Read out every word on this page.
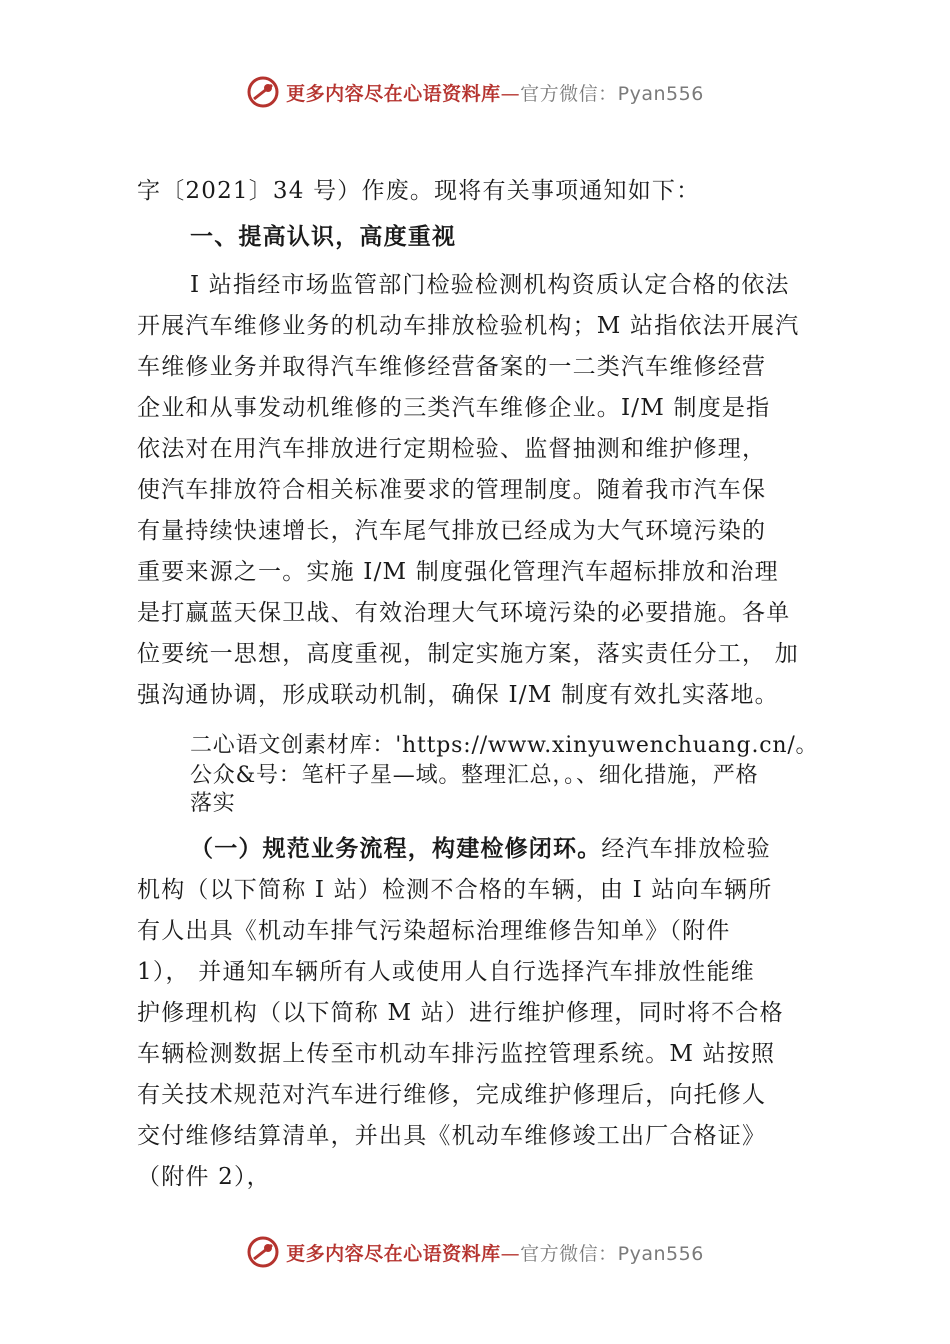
更多内容尽在心语资料库—官方微信：Pyan556
字〔2021〕34 号）作废。现将有关事项通知如下：
一、提高认识，高度重视
I 站指经市场监管部门检验检测机构资质认定合格的依法
开展汽车维修业务的机动车排放检验机构；M 站指依法开展汽
车维修业务并取得汽车维修经营备案的一二类汽车维修经营
企业和从事发动机维修的三类汽车维修企业。I/M 制度是指
依法对在用汽车排放进行定期检验、监督抽测和维护修理，
使汽车排放符合相关标准要求的管理制度。随着我市汽车保
有量持续快速增长，汽车尾气排放已经成为大气环境污染的
重要来源之一。实施 I/M 制度强化管理汽车超标排放和治理
是打赢蓝天保卫战、有效治理大气环境污染的必要措施。各单
位要统一思想，高度重视，制定实施方案，落实责任分工， 加
强沟通协调，形成联动机制，确保 I/M 制度有效扎实落地。
二心语文创素材库：'https://www.xinyuwenchuang.cn/。
公众&号：笔杆子星—域。整理汇总，。、细化措施，严格
落实
（一）规范业务流程，构建检修闭环。经汽车排放检验
机构（以下简称 I 站）检测不合格的车辆，由 I 站向车辆所
有人出具《机动车排气污染超标治理维修告知单》（附件
1）， 并通知车辆所有人或使用人自行选择汽车排放性能维
护修理机构（以下简称 M 站）进行维护修理，同时将不合格
车辆检测数据上传至市机动车排污监控管理系统。M 站按照
有关技术规范对汽车进行维修，完成维护修理后，向托修人
交付维修结算清单，并出具《机动车维修竣工出厂合格证》
（附件 2），
更多内容尽在心语资料库—官方微信：Pyan556
